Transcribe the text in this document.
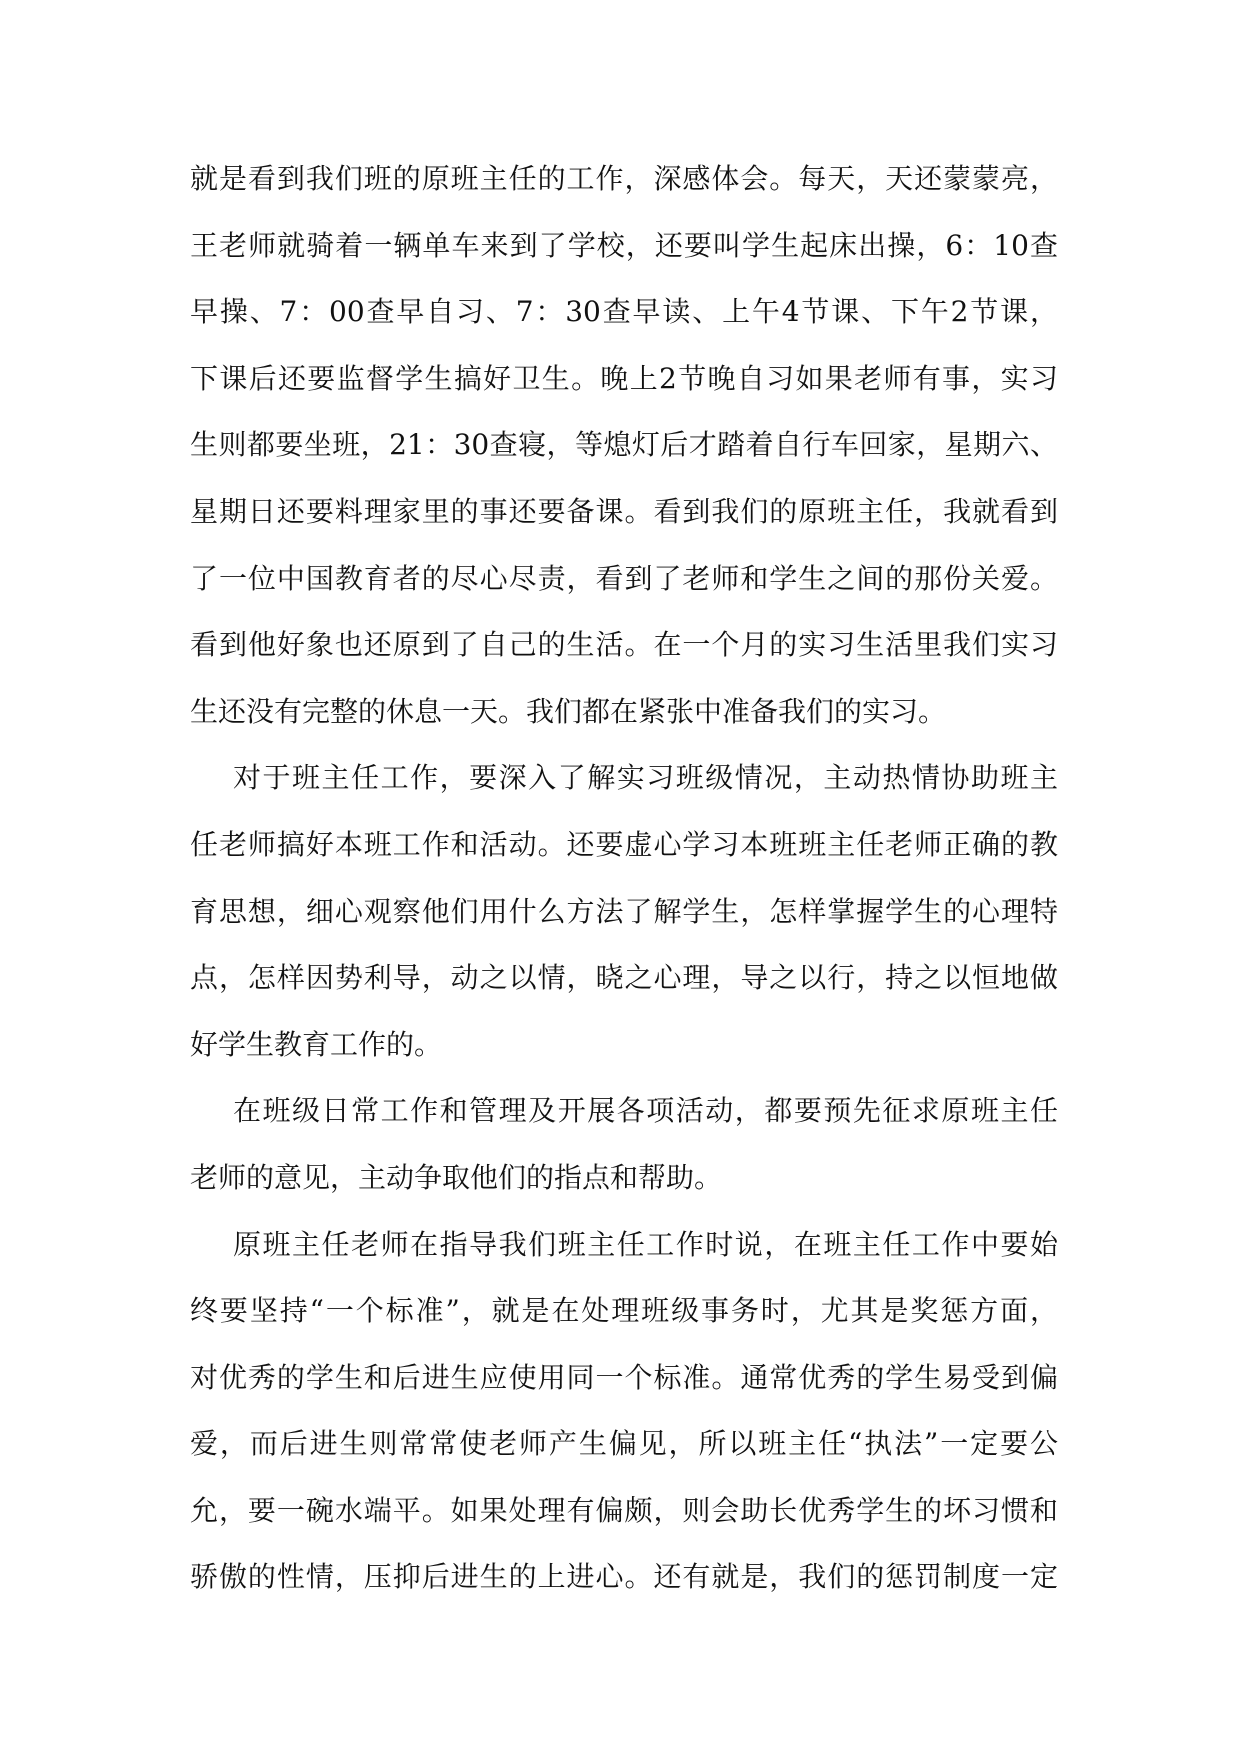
就是看到我们班的原班主任的工作，深感体会。每天，天还蒙蒙亮，
王老师就骑着一辆单车来到了学校，还要叫学生起床出操，6：10查
早操、7：00查早自习、7：30查早读、上午4节课、下午2节课，
下课后还要监督学生搞好卫生。晚上2节晚自习如果老师有事，实习
生则都要坐班，21：30查寝，等熄灯后才踏着自行车回家，星期六、
星期日还要料理家里的事还要备课。看到我们的原班主任，我就看到
了一位中国教育者的尽心尽责，看到了老师和学生之间的那份关爱。
看到他好象也还原到了自己的生活。在一个月的实习生活里我们实习
生还没有完整的休息一天。我们都在紧张中准备我们的实习。
对于班主任工作，要深入了解实习班级情况，主动热情协助班主
任老师搞好本班工作和活动。还要虚心学习本班班主任老师正确的教
育思想，细心观察他们用什么方法了解学生，怎样掌握学生的心理特
点，怎样因势利导，动之以情，晓之心理，导之以行，持之以恒地做
好学生教育工作的。
在班级日常工作和管理及开展各项活动，都要预先征求原班主任
老师的意见，主动争取他们的指点和帮助。
原班主任老师在指导我们班主任工作时说，在班主任工作中要始
终要坚持“一个标准”，就是在处理班级事务时，尤其是奖惩方面，
对优秀的学生和后进生应使用同一个标准。通常优秀的学生易受到偏
爱，而后进生则常常使老师产生偏见，所以班主任“执法”一定要公
允，要一碗水端平。如果处理有偏颇，则会助长优秀学生的坏习惯和
骄傲的性情，压抑后进生的上进心。还有就是，我们的惩罚制度一定
